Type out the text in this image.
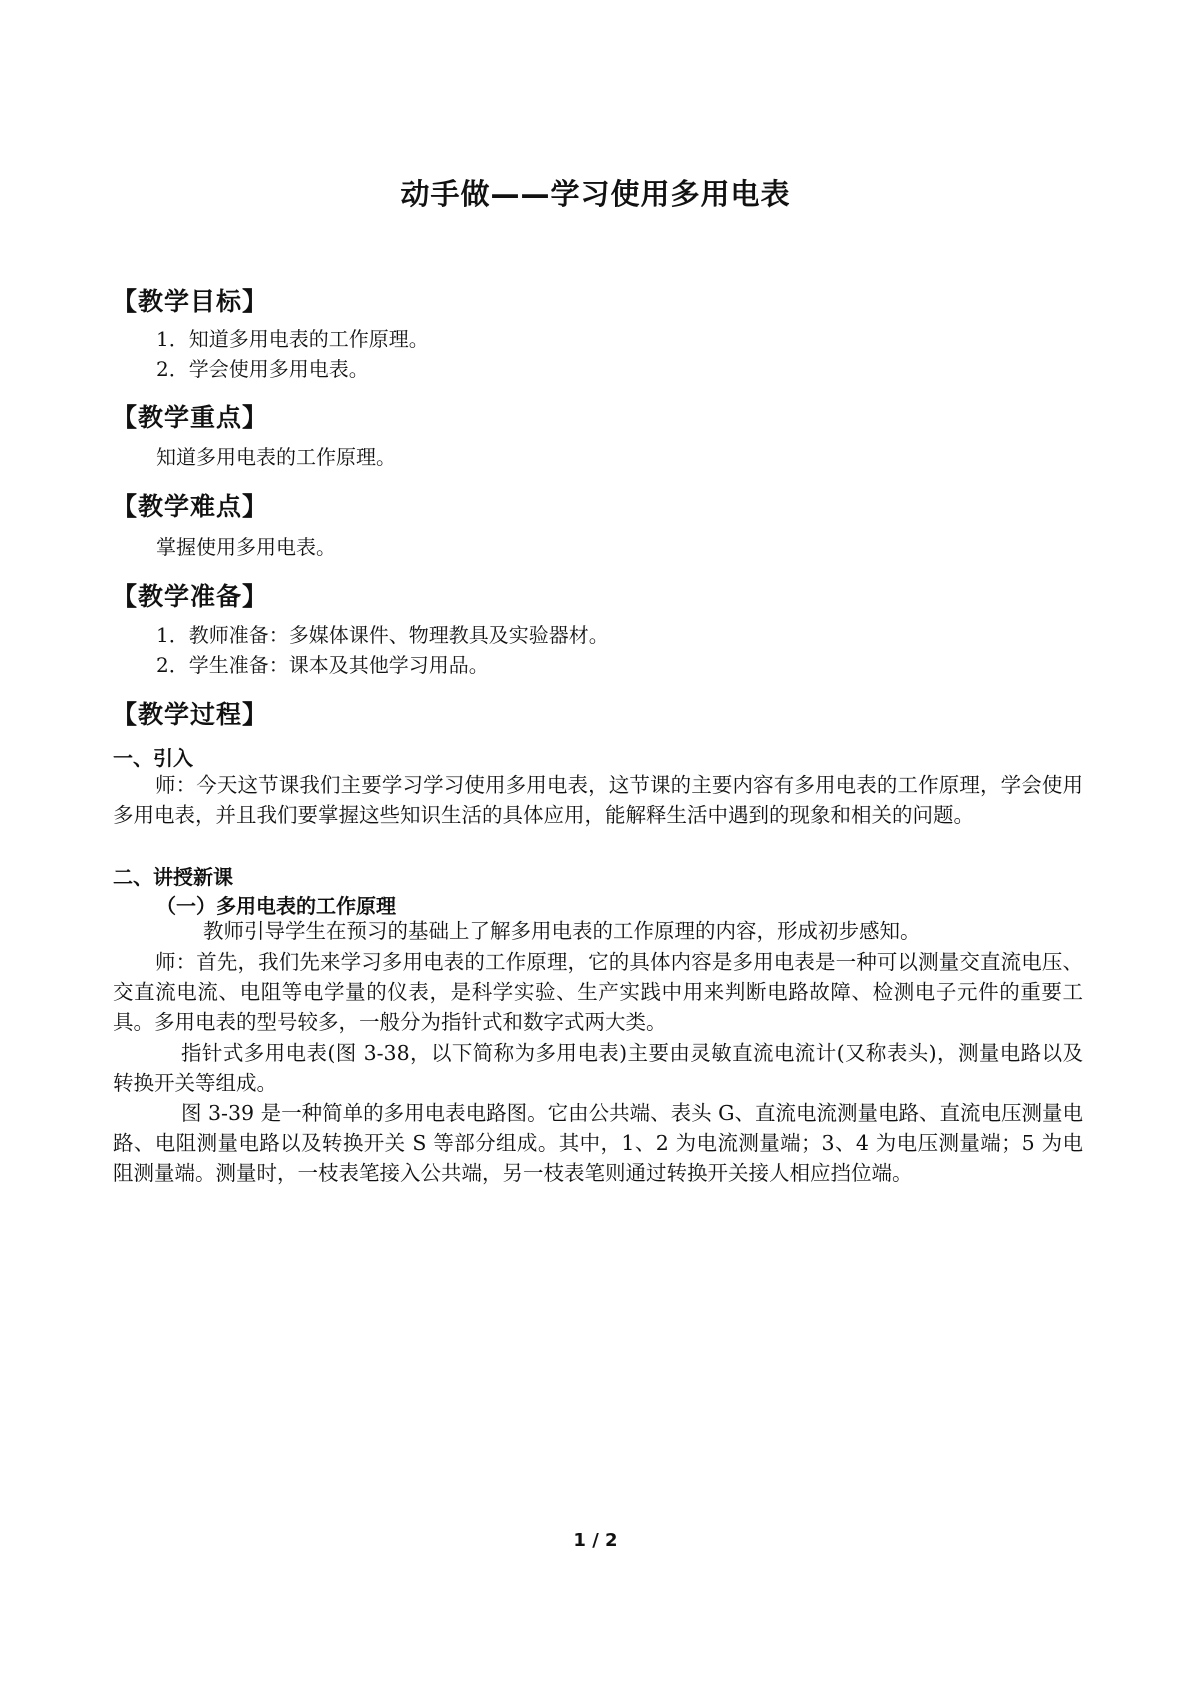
动手做——学习使用多用电表
【教学目标】
1．知道多用电表的工作原理。
2．学会使用多用电表。
【教学重点】
知道多用电表的工作原理。
【教学难点】
掌握使用多用电表。
【教学准备】
1．教师准备：多媒体课件、物理教具及实验器材。
2．学生准备：课本及其他学习用品。
【教学过程】
一、引入
师：今天这节课我们主要学习学习使用多用电表，这节课的主要内容有多用电表的工作原理，学会使用多用电表，并且我们要掌握这些知识生活的具体应用，能解释生活中遇到的现象和相关的问题。
二、讲授新课
（一）多用电表的工作原理
教师引导学生在预习的基础上了解多用电表的工作原理的内容，形成初步感知。
师：首先，我们先来学习多用电表的工作原理，它的具体内容是多用电表是一种可以测量交直流电压、交直流电流、电阻等电学量的仪表，是科学实验、生产实践中用来判断电路故障、检测电子元件的重要工具。多用电表的型号较多，一般分为指针式和数字式两大类。
指针式多用电表(图 3-38，以下简称为多用电表)主要由灵敏直流电流计(又称表头)，测量电路以及转换开关等组成。
图 3-39 是一种简单的多用电表电路图。它由公共端、表头 G、直流电流测量电路、直流电压测量电路、电阻测量电路以及转换开关 S 等部分组成。其中，1、2 为电流测量端；3、4 为电压测量端；5 为电阻测量端。测量时，一枝表笔接入公共端，另一枝表笔则通过转换开关接人相应挡位端。
1 / 2
